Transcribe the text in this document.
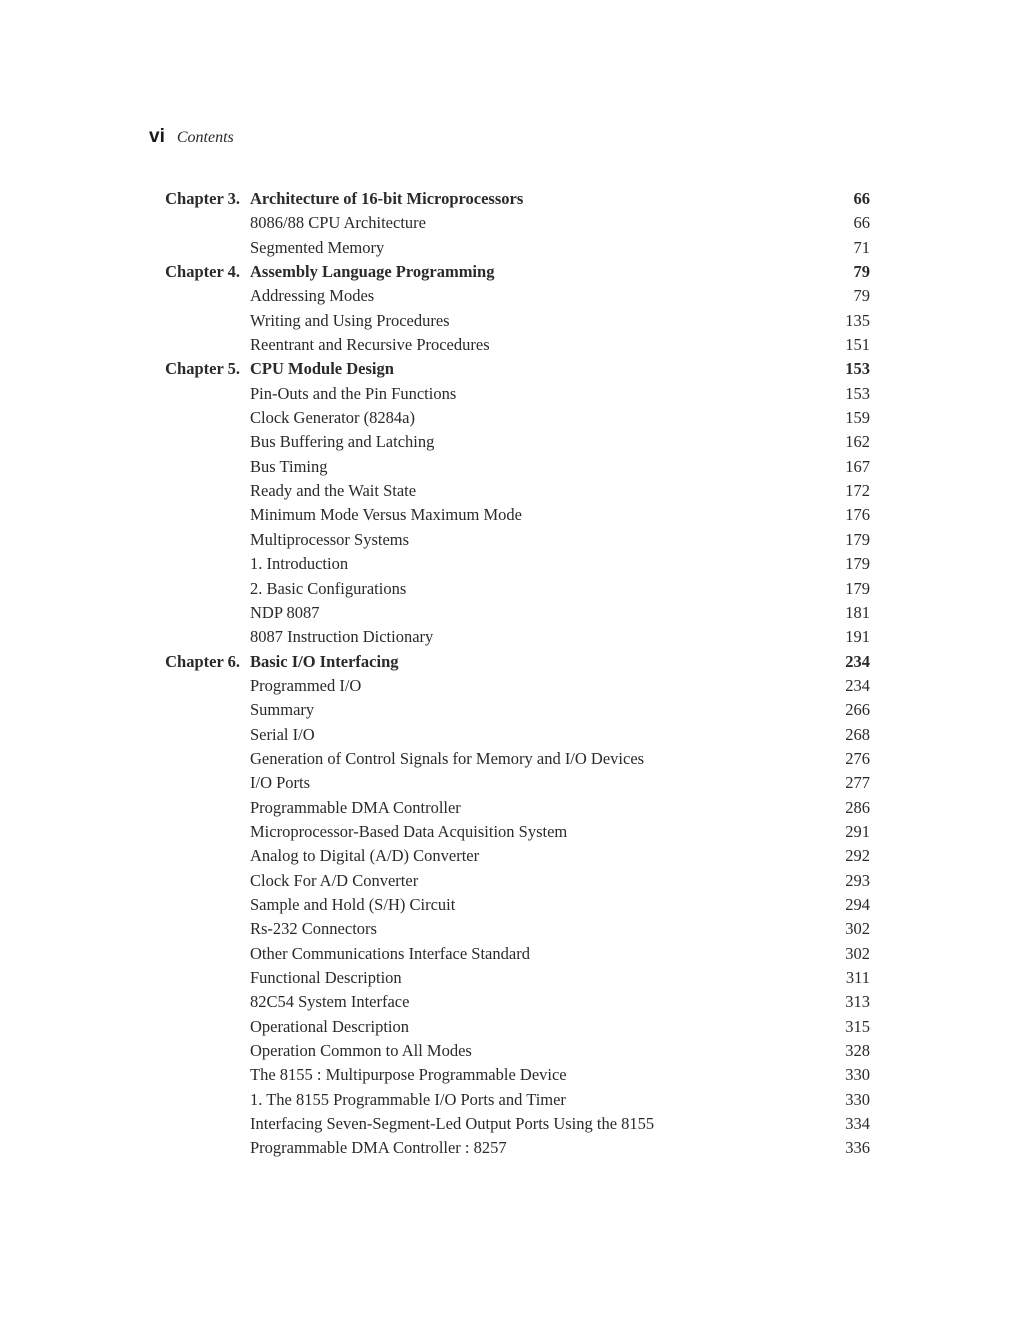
vi Contents
Chapter 3. Architecture of 16-bit Microprocessors	66
8086/88 CPU Architecture	66
Segmented Memory	71
Chapter 4. Assembly Language Programming	79
Addressing Modes	79
Writing and Using Procedures	135
Reentrant and Recursive Procedures	151
Chapter 5. CPU Module Design	153
Pin-Outs and the Pin Functions	153
Clock Generator (8284a)	159
Bus Buffering and Latching	162
Bus Timing	167
Ready and the Wait State	172
Minimum Mode Versus Maximum Mode	176
Multiprocessor Systems	179
1. Introduction	179
2. Basic Configurations	179
NDP 8087	181
8087 Instruction Dictionary	191
Chapter 6. Basic I/O Interfacing	234
Programmed I/O	234
Summary	266
Serial I/O	268
Generation of Control Signals for Memory and I/O Devices	276
I/O Ports	277
Programmable DMA Controller	286
Microprocessor-Based Data Acquisition System	291
Analog to Digital (A/D) Converter	292
Clock For A/D Converter	293
Sample and Hold (S/H) Circuit	294
Rs-232 Connectors	302
Other Communications Interface Standard	302
Functional Description	311
82C54 System Interface	313
Operational Description	315
Operation Common to All Modes	328
The 8155 : Multipurpose Programmable Device	330
1. The 8155 Programmable I/O Ports and Timer	330
Interfacing Seven-Segment-Led Output Ports Using the 8155	334
Programmable DMA Controller : 8257	336
